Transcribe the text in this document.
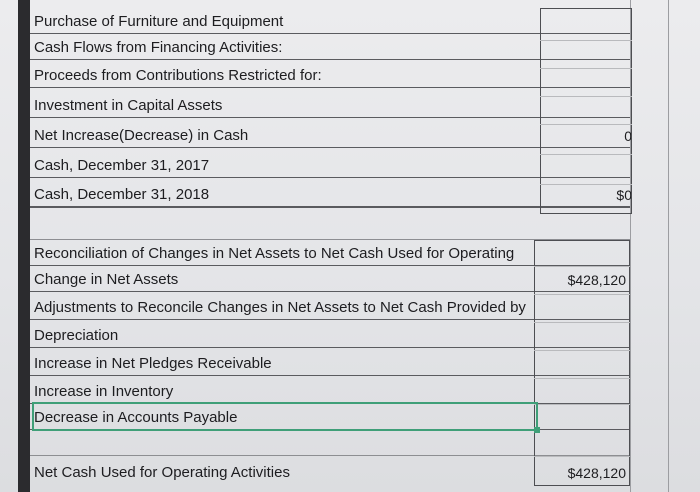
Purchase of Furniture and Equipment
Cash Flows from Financing Activities:
Proceeds from Contributions Restricted for:
Investment in Capital Assets
Net Increase(Decrease) in Cash	0
Cash, December 31, 2017
Cash, December 31, 2018	$0
Reconciliation of Changes in Net Assets to Net Cash Used for Operating
Change in Net Assets	$428,120
Adjustments to Reconcile Changes in Net Assets to Net Cash Provided by
Depreciation
Increase in Net Pledges Receivable
Increase in Inventory
Decrease in Accounts Payable
Net Cash Used for Operating Activities	$428,120
